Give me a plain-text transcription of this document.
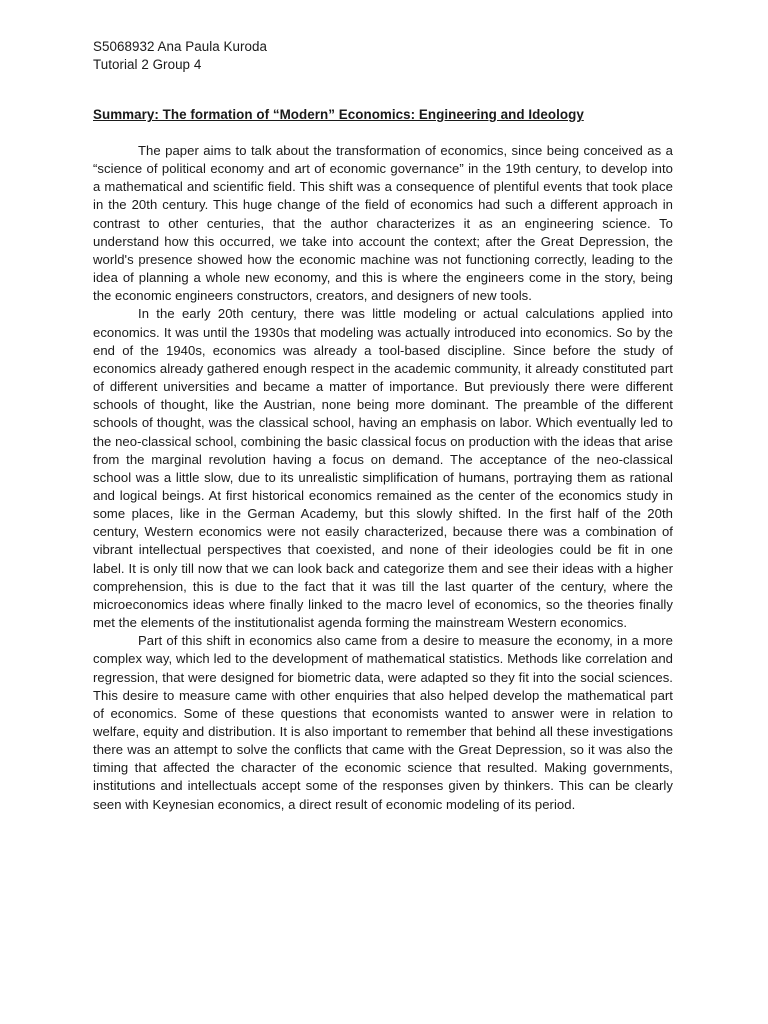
S5068932 Ana Paula Kuroda

Tutorial 2 Group 4

Summary: The formation of “Modern” Economics: Engineering and Ideology

The paper aims to talk about the transformation of economics, since being conceived as a “science of political economy and art of economic governance” in the 19th century, to develop into a mathematical and scientific field. This shift was a consequence of plentiful events that took place in the 20th century. This huge change of the field of economics had such a different approach in contrast to other centuries, that the author characterizes it as an engineering science. To understand how this occurred, we take into account the context; after the Great Depression, the world's presence showed how the economic machine was not functioning correctly, leading to the idea of planning a whole new economy, and this is where the engineers come in the story, being the economic engineers constructors, creators, and designers of new tools.

In the early 20th century, there was little modeling or actual calculations applied into economics. It was until the 1930s that modeling was actually introduced into economics. So by the end of the 1940s, economics was already a tool-based discipline. Since before the study of economics already gathered enough respect in the academic community, it already constituted part of different universities and became a matter of importance. But previously there were different schools of thought, like the Austrian, none being more dominant. The preamble of the different schools of thought, was the classical school, having an emphasis on labor. Which eventually led to the neo-classical school, combining the basic classical focus on production with the ideas that arise from the marginal revolution having a focus on demand. The acceptance of the neo-classical school was a little slow, due to its unrealistic simplification of humans, portraying them as rational and logical beings. At first historical economics remained as the center of the economics study in some places, like in the German Academy, but this slowly shifted. In the first half of the 20th century, Western economics were not easily characterized, because there was a combination of vibrant intellectual perspectives that coexisted, and none of their ideologies could be fit in one label. It is only till now that we can look back and categorize them and see their ideas with a higher comprehension, this is due to the fact that it was till the last quarter of the century, where the microeconomics ideas where finally linked to the macro level of economics, so the theories finally met the elements of the institutionalist agenda forming the mainstream Western economics.

Part of this shift in economics also came from a desire to measure the economy, in a more complex way, which led to the development of mathematical statistics. Methods like correlation and regression, that were designed for biometric data, were adapted so they fit into the social sciences. This desire to measure came with other enquiries that also helped develop the mathematical part of economics. Some of these questions that economists wanted to answer were in relation to welfare, equity and distribution. It is also important to remember that behind all these investigations there was an attempt to solve the conflicts that came with the Great Depression, so it was also the timing that affected the character of the economic science that resulted. Making governments, institutions and intellectuals accept some of the responses given by thinkers. This can be clearly seen with Keynesian economics, a direct result of economic modeling of its period.
